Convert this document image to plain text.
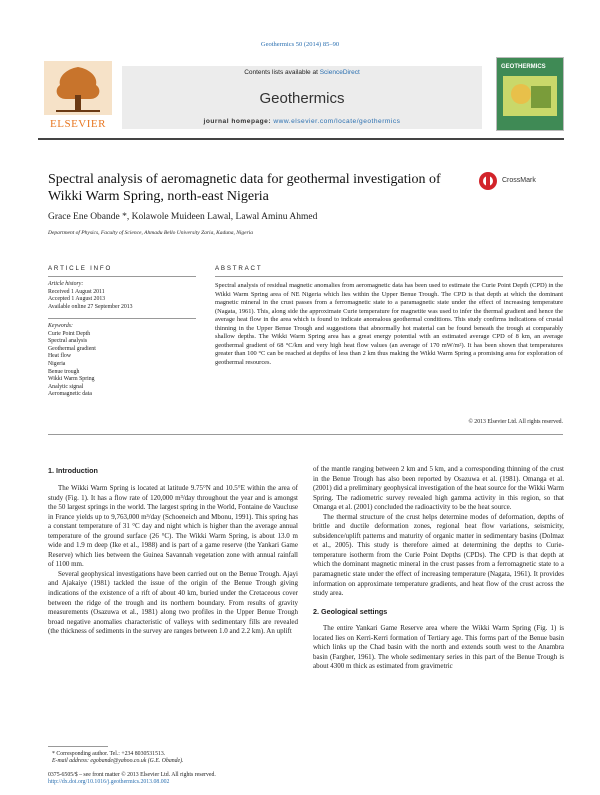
Geothermics 50 (2014) 85–90
ELSEVIER
Contents lists available at ScienceDirect
Geothermics
journal homepage: www.elsevier.com/locate/geothermics
GEOTHERMICS
Spectral analysis of aeromagnetic data for geothermal investigation of Wikki Warm Spring, north-east Nigeria
CrossMark
Grace Ene Obande *, Kolawole Muideen Lawal, Lawal Aminu Ahmed
Department of Physics, Faculty of Science, Ahmadu Bello University Zaria, Kaduna, Nigeria
ARTICLE INFO	ABSTRACT
Article history:
Received 1 August 2011
Accepted 1 August 2013
Available online 27 September 2013
Keywords:
Curie Point Depth
Spectral analysis
Geothermal gradient
Heat flow
Nigeria
Benue trough
Wikki Warm Spring
Analytic signal
Aeromagnetic data
Spectral analysis of residual magnetic anomalies from aeromagnetic data has been used to estimate the Curie Point Depth (CPD) in the Wikki Warm Spring area of NE Nigeria which lies within the Upper Benue Trough. The CPD is that depth at which the dominant magnetic mineral in the crust passes from a ferromagnetic state to a paramagnetic state under the effect of increasing temperature (Nagata, 1961). This, along side the approximate Curie temperature for magnetite was used to infer the thermal gradient and hence the average heat flow in the area which is found to indicate anomalous geothermal conditions. This study confirms indications of crustal thinning in the Upper Benue Trough and suggestions that abnormally hot material can be found beneath the trough at comparably shallow depths. The Wikki Warm Spring area has a great energy potential with an estimated average CPD of 8 km, an average geothermal gradient of 68 °C/km and very high heat flow values (an average of 170 mW/m²). It has been shown that temperatures greater than 100 °C can be reached at depths of less than 2 km thus making the Wikki Warm Spring a promising area for exploration of geothermal resources.
© 2013 Elsevier Ltd. All rights reserved.
1. Introduction

The Wikki Warm Spring is located at latitude 9.75°N and 10.5°E within the area of study (Fig. 1). It has a flow rate of 120,000 m³/day throughout the year and is amongst the 50 largest springs in the world. The largest spring in the World, Fontaine de Vaucluse in France yields up to 9,763,000 m³/day (Schoeneich and Mbonu, 1991). This spring has a constant temperature of 31 °C day and night which is higher than the average annual temperature of the ground surface (26 °C). The Wikki Warm Spring, is about 13.0 m wide and 1.9 m deep (Ike et al., 1988) and is part of a game reserve (the Yankari Game Reserve) which lies between the Guinea Savannah vegetation zone with annual rainfall of 1100 mm.

Several geophysical investigations have been carried out on the Benue Trough. Ajayi and Ajakaiye (1981) tackled the issue of the origin of the Benue Trough giving indications of the existence of a rift of about 40 km, buried under the Cretaceous cover between the ridge of the trough and its northern boundary. From results of gravity measurements (Osazuwa et al., 1981) along two profiles in the Upper Benue Trough broad negative anomalies characteristic of valleys with sedimentary fills are revealed (the thickness of sediments in the survey are ranges between 1.0 and 2.2 km). An uplift

of the mantle ranging between 2 km and 5 km, and a corresponding thinning of the crust in the Benue Trough has also been reported by Osazuwa et al. (1981). Omanga et al. (2001) did a preliminary geophysical investigation of the heat source for the Wikki Warm Spring. The radiometric survey revealed high gamma activity in this region, so that Omanga et al. (2001) concluded the radioactivity to be the heat source.

The thermal structure of the crust helps determine modes of deformation, depths of brittle and ductile deformation zones, regional heat flow variations, seismicity, subsidence/uplift patterns and maturity of organic matter in sedimentary basins (Dolmaz et al., 2005). This study is therefore aimed at determining the depths to Curie-temperature isotherm from the Curie Point Depths (CPDs). The CPD is that depth at which the dominant magnetic mineral in the crust passes from a ferromagnetic state to a paramagnetic state under the effect of increasing temperature (Nagata, 1961). It provides information on approximate temperature gradients, and heat flow of the crust across the study area.

2. Geological settings

The entire Yankari Game Reserve area where the Wikki Warm Spring (Fig. 1) is located lies on Kerri-Kerri formation of Tertiary age. This forms part of the Benue basin which links up the Chad basin with the north and extends south west to the Anambra basin (Fargher, 1961). The whole sedimentary series in this part of the Benue Trough is about 4300 m thick as estimated from gravimetric

* Corresponding author. Tel.: +234 8030531513.
E-mail address: egobande@yahoo.co.uk (G.E. Obande).
0375-6505/$ – see front matter © 2013 Elsevier Ltd. All rights reserved.
http://dx.doi.org/10.1016/j.geothermics.2013.08.002
